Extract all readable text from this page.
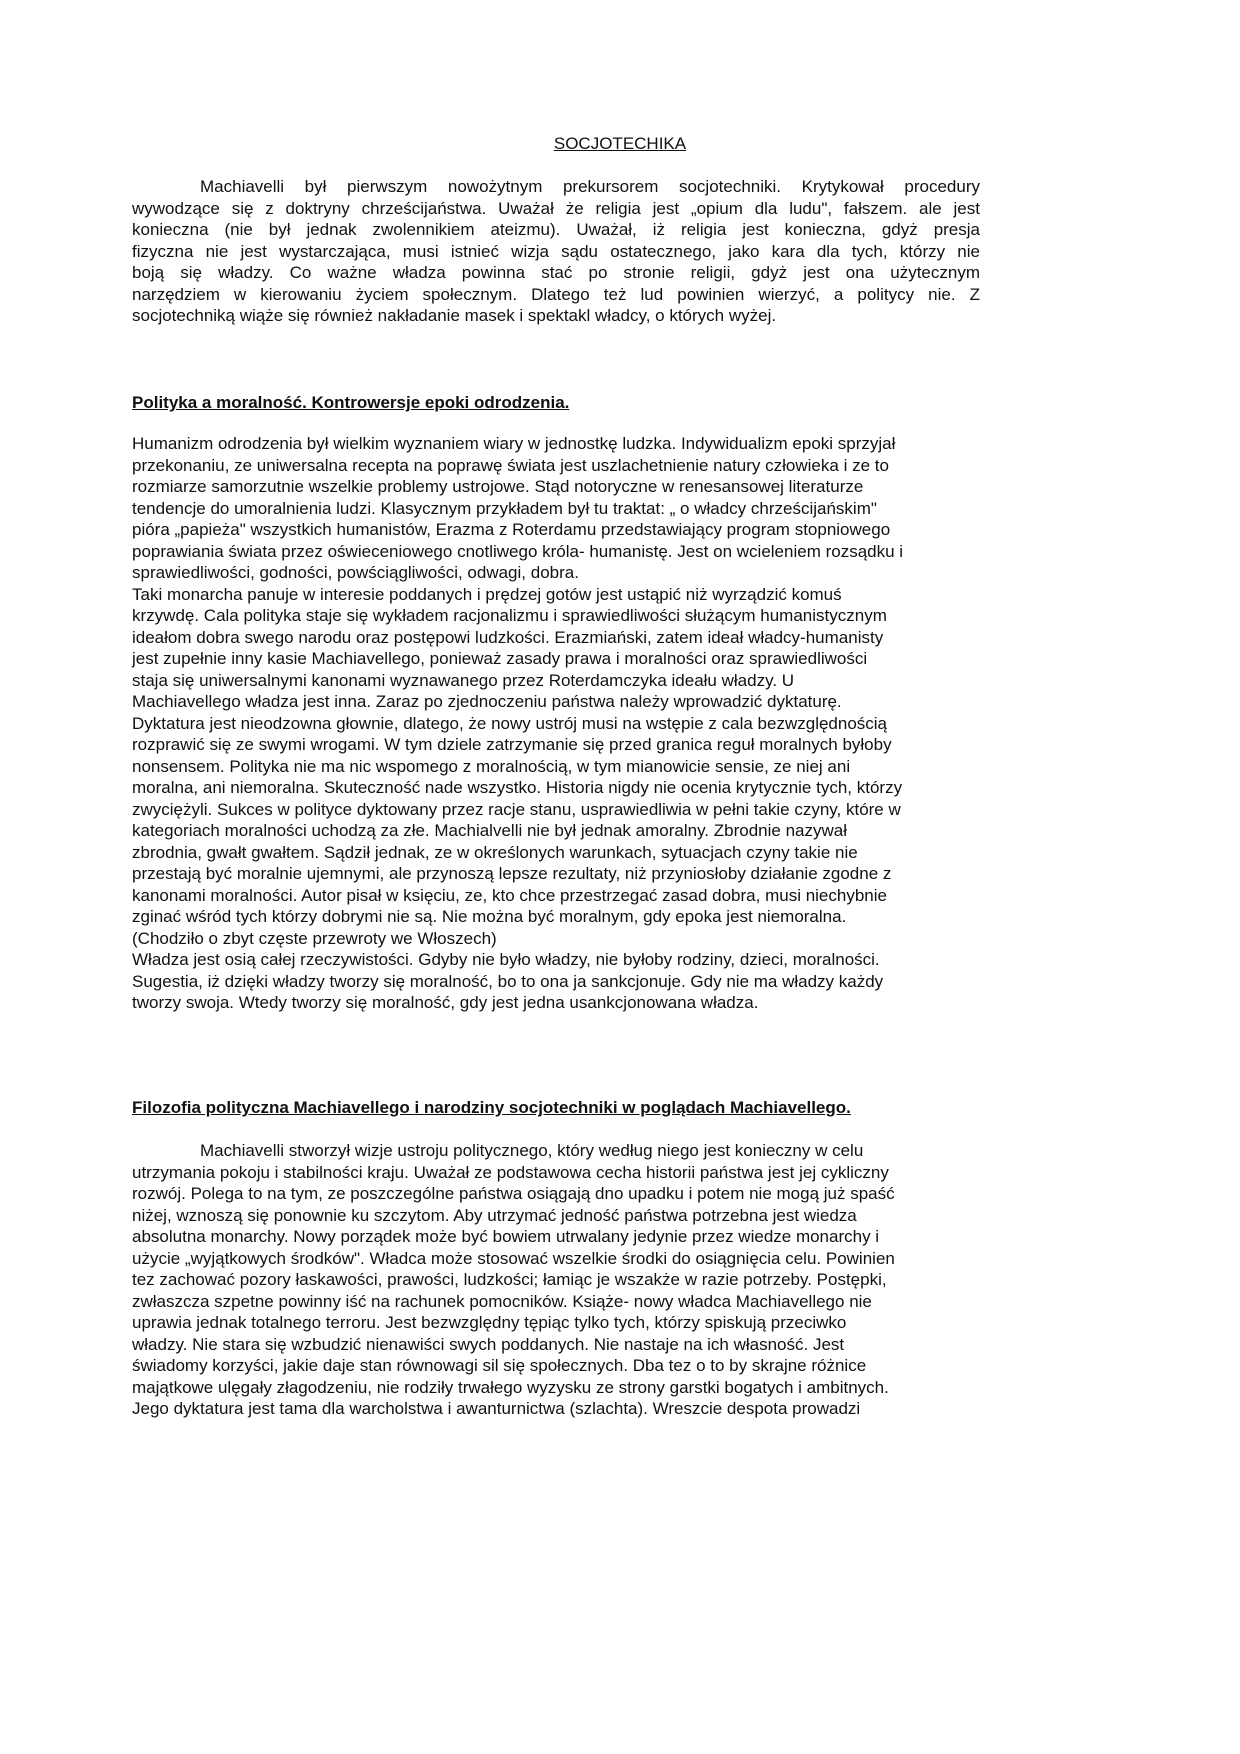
SOCJOTECHIKA
Machiavelli był pierwszym nowożytnym prekursorem socjotechniki. Krytykował procedury
wywodzące się z doktryny chrześcijaństwa. Uważał że religia jest „opium dla ludu", fałszem. ale jest
konieczna (nie był jednak zwolennikiem ateizmu). Uważał, iż religia jest konieczna, gdyż presja
fizyczna nie jest wystarczająca, musi istnieć wizja sądu ostatecznego, jako kara dla tych, którzy nie
boją się władzy. Co ważne władza powinna stać po stronie religii, gdyż jest ona użytecznym
narzędziem w kierowaniu życiem społecznym. Dlatego też lud powinien wierzyć, a politycy nie. Z
socjotechniką wiąże się również nakładanie masek i spektakl władcy, o których wyżej.
Polityka a moralność. Kontrowersje epoki odrodzenia.
Humanizm odrodzenia był wielkim wyznaniem wiary w jednostkę ludzka. Indywidualizm epoki sprzyjał
przekonaniu, ze uniwersalna recepta na poprawę świata jest uszlachetnienie natury człowieka i ze to
rozmiarze samorzutnie wszelkie problemy ustrojowe. Stąd notoryczne w renesansowej literaturze
tendencje do umoralnienia ludzi. Klasycznym przykładem był tu traktat: „ o władcy chrześcijańskim"
pióra „papieża" wszystkich humanistów, Erazma z Roterdamu przedstawiający program stopniowego
poprawiania świata przez oświeceniowego cnotliwego króla- humanistę. Jest on wcieleniem rozsądku i
sprawiedliwości, godności, powściągliwości, odwagi, dobra.
Taki monarcha panuje w interesie poddanych i prędzej gotów jest ustąpić niż wyrządzić komuś
krzywdę. Cala polityka staje się wykładem racjonalizmu i sprawiedliwości służącym humanistycznym
ideałom dobra swego narodu oraz postępowi ludzkości. Erazmiański, zatem ideał władcy-humanisty
jest zupełnie inny kasie Machiavellego, ponieważ zasady prawa i moralności oraz sprawiedliwości
staja się uniwersalnymi kanonami wyznawanego przez Roterdamczyka ideału władzy. U
Machiavellego władza jest inna. Zaraz po zjednoczeniu państwa należy wprowadzić dyktaturę.
Dyktatura jest nieodzowna głownie, dlatego, że nowy ustrój musi na wstępie z cala bezwzględnością
rozprawić się ze swymi wrogami. W tym dziele zatrzymanie się przed granica reguł moralnych byłoby
nonsensem. Polityka nie ma nic wspomego z moralnością, w tym mianowicie sensie, ze niej ani
moralna, ani niemoralna. Skuteczność nade wszystko. Historia nigdy nie ocenia krytycznie tych, którzy
zwyciężyli. Sukces w polityce dyktowany przez racje stanu, usprawiedliwia w pełni takie czyny, które w
kategoriach moralności uchodzą za złe. Machialvelli nie był jednak amoralny. Zbrodnie nazywał
zbrodnia, gwałt gwałtem. Sądził jednak, ze w określonych warunkach, sytuacjach czyny takie nie
przestają być moralnie ujemnymi, ale przynoszą lepsze rezultaty, niż przyniosłoby działanie zgodne z
kanonami moralności. Autor pisał w księciu, ze, kto chce przestrzegać zasad dobra, musi niechybnie
zginać wśród tych którzy dobrymi nie są. Nie można być moralnym, gdy epoka jest niemoralna.
(Chodziło o zbyt częste przewroty we Włoszech)
Władza jest osią całej rzeczywistości. Gdyby nie było władzy, nie byłoby rodziny, dzieci, moralności.
Sugestia, iż dzięki władzy tworzy się moralność, bo to ona ja sankcjonuje. Gdy nie ma władzy każdy
tworzy swoja. Wtedy tworzy się moralność, gdy jest jedna usankcjonowana władza.
Filozofia polityczna Machiavellego i narodziny socjotechniki w poglądach Machiavellego.
Machiavelli stworzył wizje ustroju politycznego, który według niego jest konieczny w celu
utrzymania pokoju i stabilności kraju. Uważał ze podstawowa cecha historii państwa jest jej cykliczny
rozwój. Polega to na tym, ze poszczególne państwa osiągają dno upadku i potem nie mogą już spaść
niżej, wznoszą się ponownie ku szczytom. Aby utrzymać jedność państwa potrzebna jest wiedza
absolutna monarchy. Nowy porządek może być bowiem utrwalany jedynie przez wiedze monarchy i
użycie „wyjątkowych środków". Władca może stosować wszelkie środki do osiągnięcia celu. Powinien
tez zachować pozory łaskawości, prawości, ludzkości; łamiąc je wszakże w razie potrzeby. Postępki,
zwłaszcza szpetne powinny iść na rachunek pomocników. Książe- nowy władca Machiavellego nie
uprawia jednak totalnego terroru. Jest bezwzględny tępiąc tylko tych, którzy spiskują przeciwko
władzy. Nie stara się wzbudzić nienawiści swych poddanych. Nie nastaje na ich własność. Jest
świadomy korzyści, jakie daje stan równowagi sil się społecznych. Dba tez o to by skrajne różnice
majątkowe ulęgały złagodzeniu, nie rodziły trwałego wyzysku ze strony garstki bogatych i ambitnych.
Jego dyktatura jest tama dla warcholstwa i awanturnictwa (szlachta). Wreszcie despota prowadzi
